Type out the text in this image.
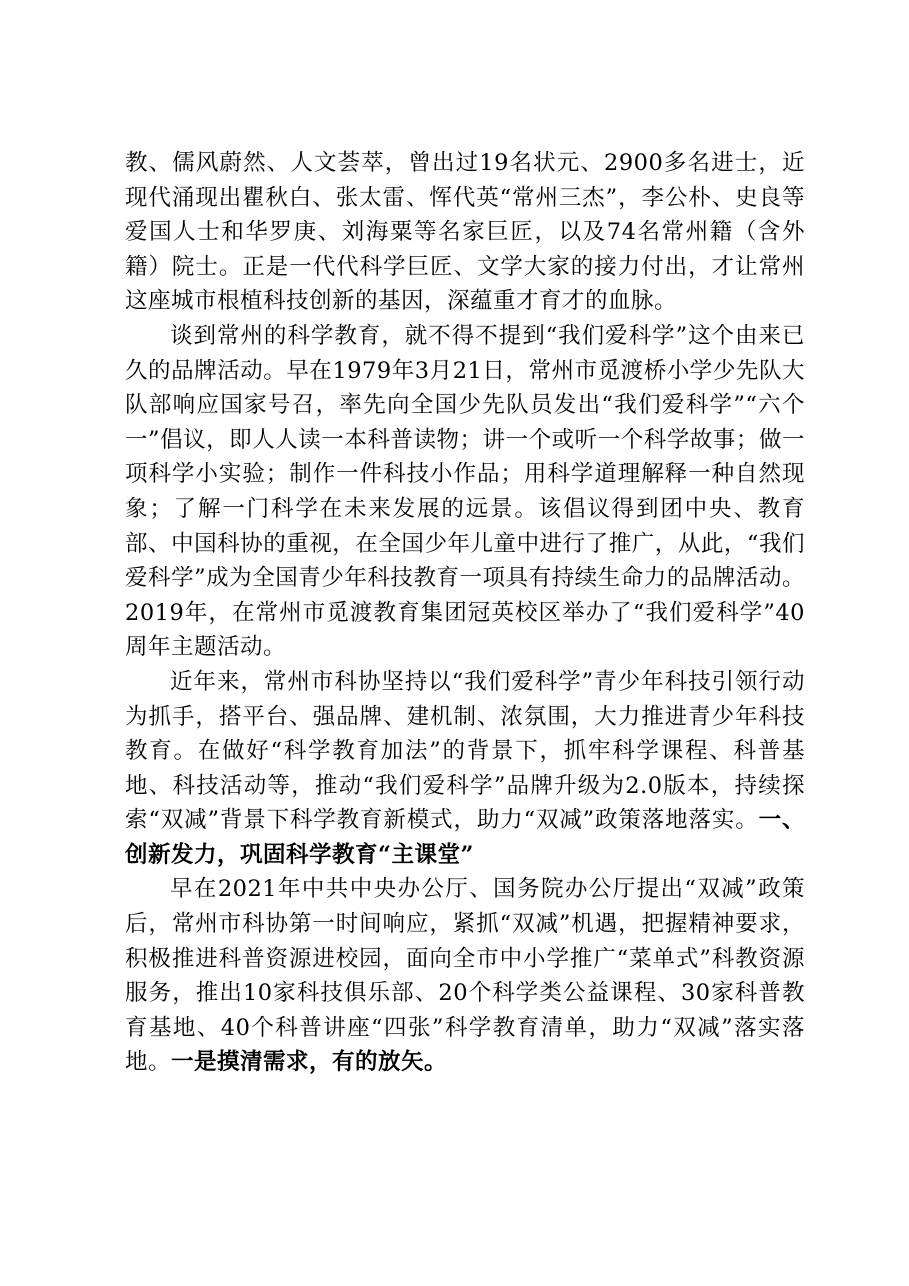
教、儒风蔚然、人文荟萃，曾出过19名状元、2900多名进士，近现代涌现出瞿秋白、张太雷、恽代英“常州三杰”，李公朴、史良等爱国人士和华罗庚、刘海粟等名家巨匠，以及74名常州籍（含外籍）院士。正是一代代科学巨匠、文学大家的接力付出，才让常州这座城市根植科技创新的基因，深蕴重才育才的血脉。

谈到常州的科学教育，就不得不提到“我们爱科学”这个由来已久的品牌活动。早在1979年3月21日，常州市觅渡桥小学少先队大队部响应国家号召，率先向全国少先队员发出“我们爱科学”“六个一”倡议，即人人读一本科普读物；讲一个或听一个科学故事；做一项科学小实验；制作一件科技小作品；用科学道理解释一种自然现象；了解一门科学在未来发展的远景。该倡议得到团中央、教育部、中国科协的重视，在全国少年儿童中进行了推广，从此，“我们爱科学”成为全国青少年科技教育一项具有持续生命力的品牌活动。2019年，在常州市觅渡教育集团冠英校区举办了“我们爱科学”40周年主题活动。

近年来，常州市科协坚持以“我们爱科学”青少年科技引领行动为抓手，搭平台、强品牌、建机制、浓氛围，大力推进青少年科技教育。在做好“科学教育加法”的背景下，抓牢科学课程、科普基地、科技活动等，推动“我们爱科学”品牌升级为2.0版本，持续探索“双减”背景下科学教育新模式，助力“双减”政策落地落实。一、创新发力，巩固科学教育“主课堂”

早在2021年中共中央办公厅、国务院办公厅提出“双减”政策后，常州市科协第一时间响应，紧抓“双减”机遇，把握精神要求，积极推进科普资源进校园，面向全市中小学推广“菜单式”科教资源服务，推出10家科技俱乐部、20个科学类公益课程、30家科普教育基地、40个科普讲座“四张”科学教育清单，助力“双减”落实落地。一是摸清需求，有的放矢。
